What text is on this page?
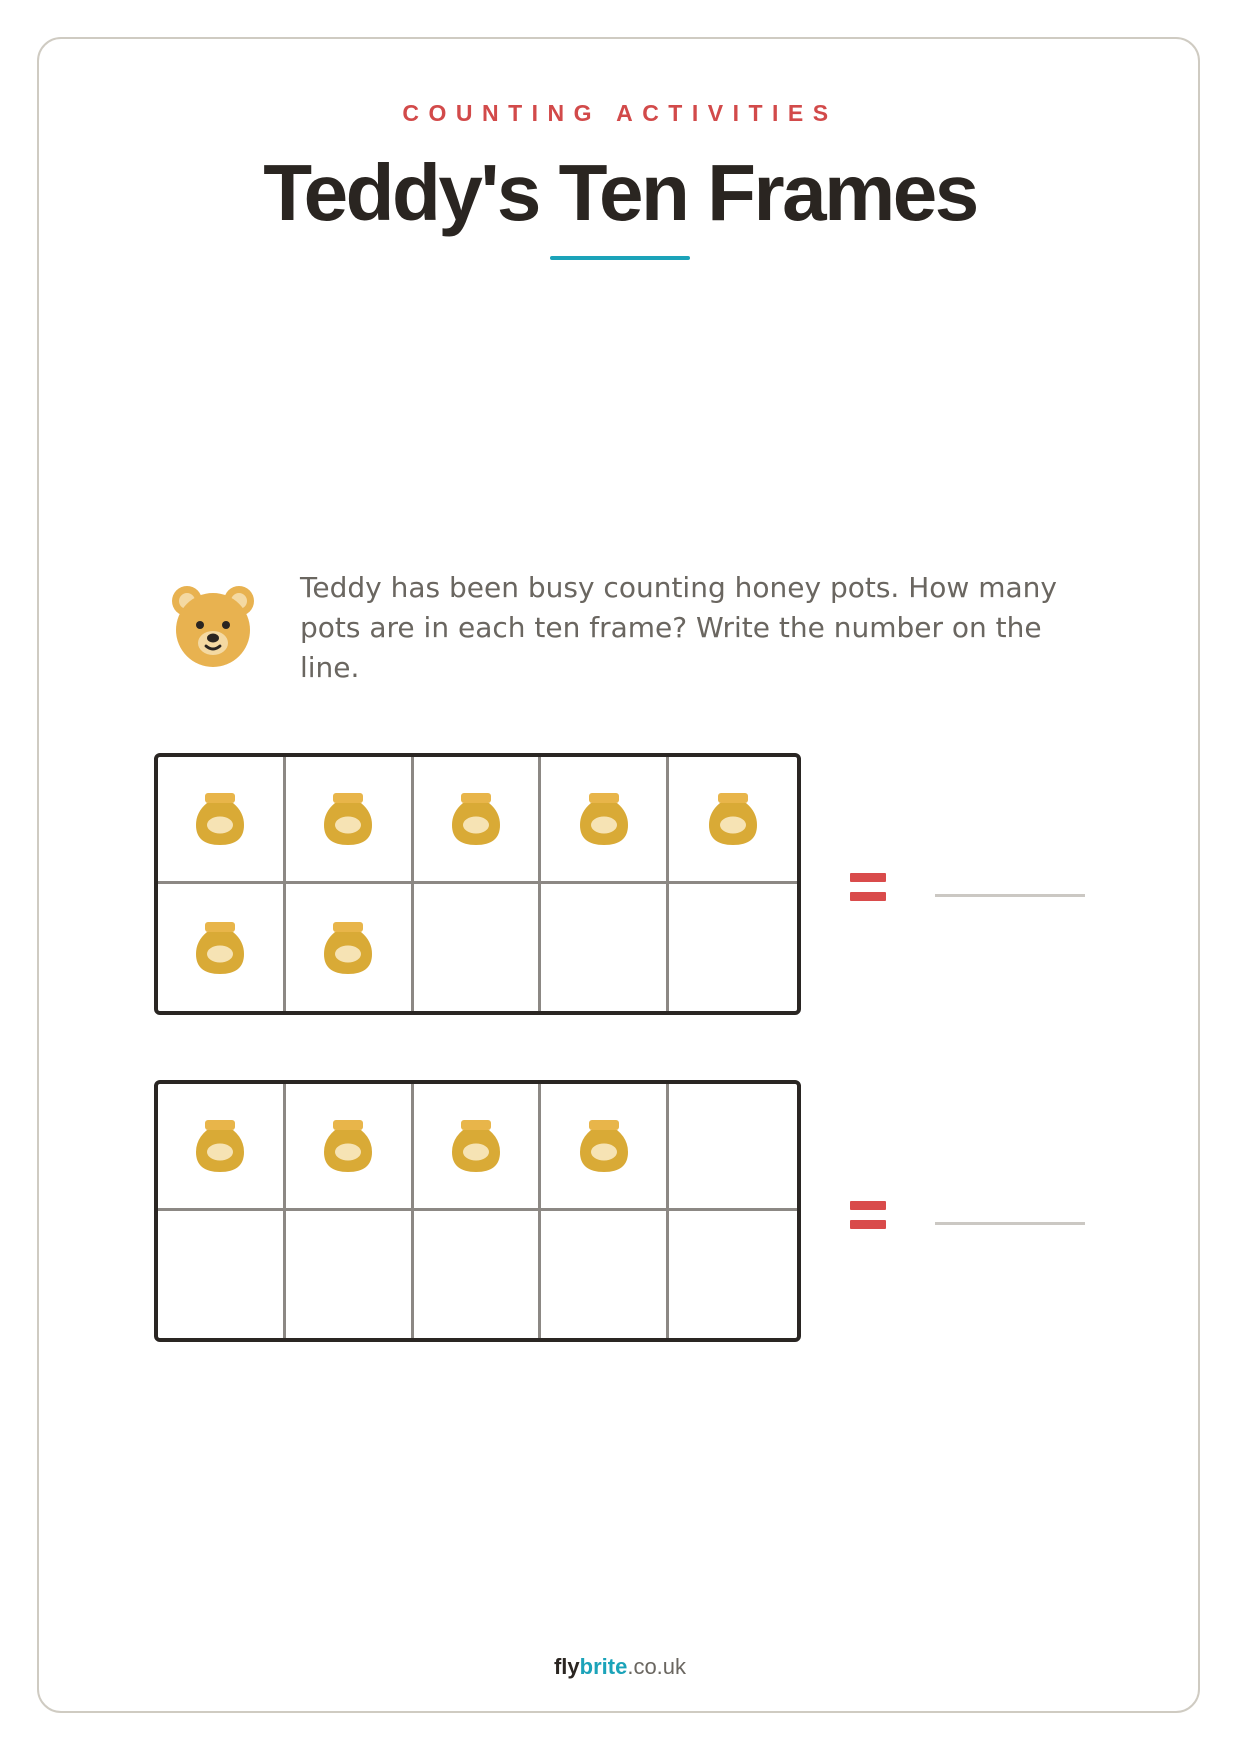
COUNTING ACTIVITIES
Teddy's Ten Frames
Teddy has been busy counting honey pots. How many pots are in each ten frame? Write the number on the line.
flybrite.co.uk
